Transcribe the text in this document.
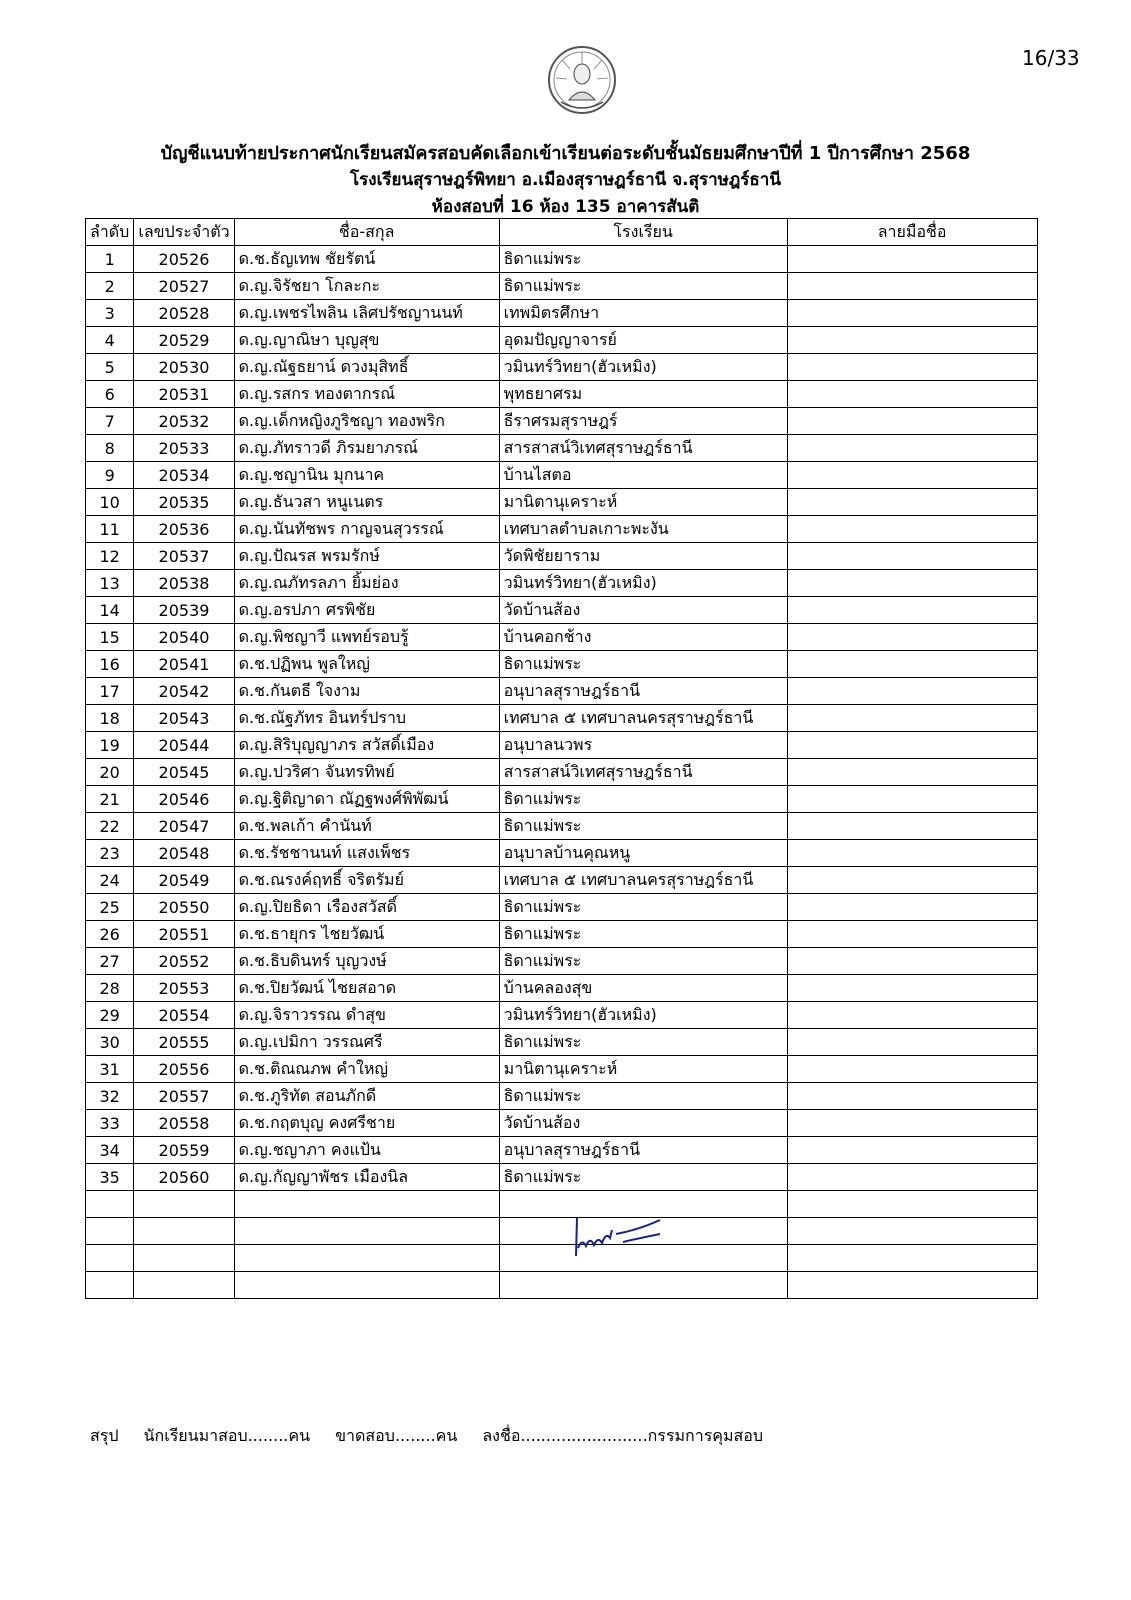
16/33
บัญชีแนบท้ายประกาศนักเรียนสมัครสอบคัดเลือกเข้าเรียนต่อระดับชั้นมัธยมศึกษาปีที่ 1 ปีการศึกษา 2568
โรงเรียนสุราษฎร์พิทยา อ.เมืองสุราษฎร์ธานี จ.สุราษฎร์ธานี
ห้องสอบที่ 16 ห้อง 135 อาคารสันติ
ลำดับ	เลขประจำตัว	ชื่อ-สกุล	โรงเรียน	ลายมือชื่อ
1	20526	ด.ช.ธัญเทพ ชัยรัตน์	ธิดาแม่พระ	
2	20527	ด.ญ.จิรัชยา โกละกะ	ธิดาแม่พระ	
3	20528	ด.ญ.เพชรไพลิน เลิศปรัชญานนท์	เทพมิตรศึกษา	
4	20529	ด.ญ.ญาณิษา บุญสุข	อุดมปัญญาจารย์	
5	20530	ด.ญ.ณัฐธยาน์ ดวงมุสิทธิ์	วมินทร์วิทยา(ฮัวเหมิง)	
6	20531	ด.ญ.รสกร ทองตากรณ์	พุทธยาศรม	
7	20532	ด.ญ.เด็กหญิงภูริชญา ทองพริก	ธีราศรมสุราษฎร์	
8	20533	ด.ญ.ภัทราวดี ภิรมยาภรณ์	สารสาสน์วิเทศสุราษฎร์ธานี	
9	20534	ด.ญ.ชญานิน มุกนาค	บ้านไสตอ	
10	20535	ด.ญ.ธันวสา หนูเนตร	มานิตานุเคราะห์	
11	20536	ด.ญ.นันทัชพร กาญจนสุวรรณ์	เทศบาลตำบลเกาะพะงัน	
12	20537	ด.ญ.ปัณรส พรมรักษ์	วัดพิชัยยาราม	
13	20538	ด.ญ.ณภัทรลภา ยิ้มย่อง	วมินทร์วิทยา(ฮัวเหมิง)	
14	20539	ด.ญ.อรปภา ศรพิชัย	วัดบ้านส้อง	
15	20540	ด.ญ.พิชญาวี แพทย์รอบรู้	บ้านคอกช้าง	
16	20541	ด.ช.ปฏิพน พูลใหญ่	ธิดาแม่พระ	
17	20542	ด.ช.กันตธี ใจงาม	อนุบาลสุราษฎร์ธานี	
18	20543	ด.ช.ณัฐภัทร อินทร์ปราบ	เทศบาล ๕ เทศบาลนครสุราษฎร์ธานี	
19	20544	ด.ญ.สิริบุญญาภร สวัสดิ์เมือง	อนุบาลนวพร	
20	20545	ด.ญ.ปวริศา จันทรทิพย์	สารสาสน์วิเทศสุราษฎร์ธานี	
21	20546	ด.ญ.ฐิติญาดา ณัฏฐพงศ์พิพัฒน์	ธิดาแม่พระ	
22	20547	ด.ช.พลเก้า คำนันท์	ธิดาแม่พระ	
23	20548	ด.ช.รัชชานนท์ แสงเพ็ชร	อนุบาลบ้านคุณหนู	
24	20549	ด.ช.ณรงค์ฤทธิ์ จริตรัมย์	เทศบาล ๕ เทศบาลนครสุราษฎร์ธานี	
25	20550	ด.ญ.ปิยธิดา เรืองสวัสดิ์	ธิดาแม่พระ	
26	20551	ด.ช.ธายุกร ไชยวัฒน์	ธิดาแม่พระ	
27	20552	ด.ช.ธิบดินทร์ บุญวงษ์	ธิดาแม่พระ	
28	20553	ด.ช.ปิยวัฒน์ ไชยสอาด	บ้านคลองสุข	
29	20554	ด.ญ.จิราวรรณ ดำสุข	วมินทร์วิทยา(ฮัวเหมิง)	
30	20555	ด.ญ.เปมิกา วรรณศรี	ธิดาแม่พระ	
31	20556	ด.ช.ติณณภพ คำใหญ่	มานิตานุเคราะห์	
32	20557	ด.ช.ภูริทัต สอนภักดี	ธิดาแม่พระ	
33	20558	ด.ช.กฤตบุญ คงศรีชาย	วัดบ้านส้อง	
34	20559	ด.ญ.ชญาภา คงแป้น	อนุบาลสุราษฎร์ธานี	
35	20560	ด.ญ.กัญญาพัชร เมืองนิล	ธิดาแม่พระ	

สรุป นักเรียนมาสอบ........คน ขาดสอบ........คน ลงชื่อ.........................กรรมการคุมสอบ
